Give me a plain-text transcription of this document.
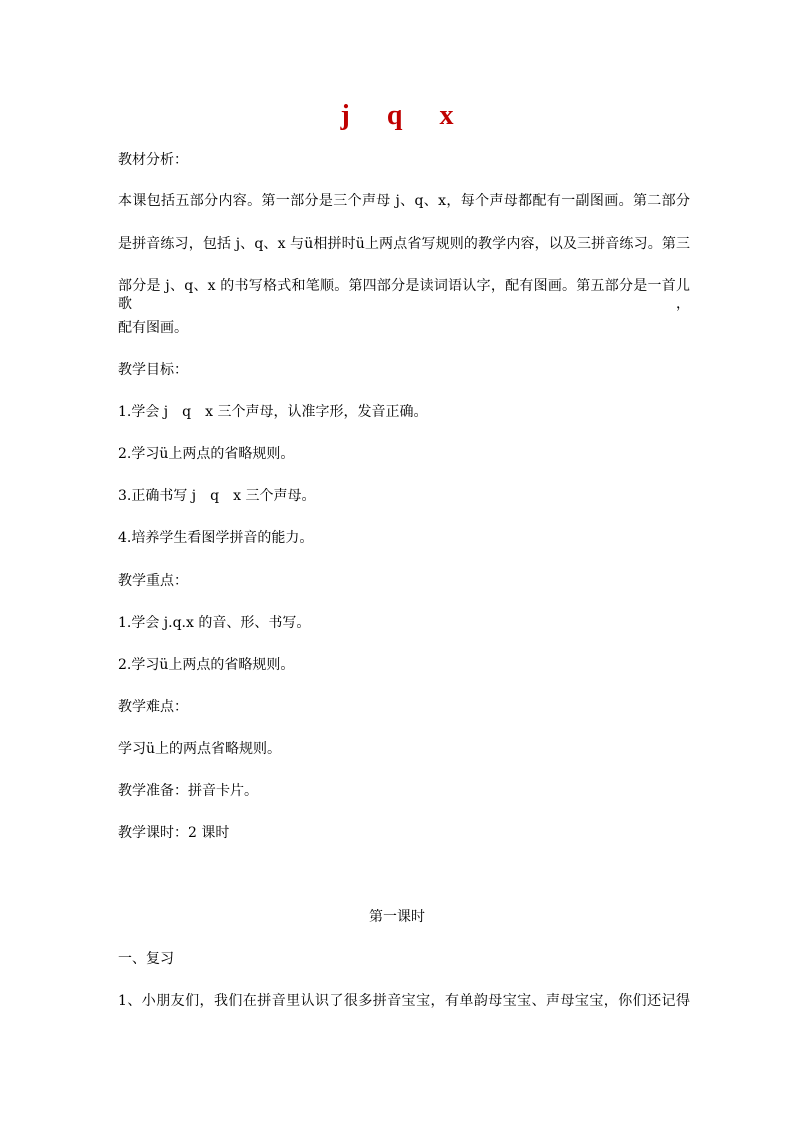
j q x
教材分析：
本课包括五部分内容。第一部分是三个声母 j、q、x，每个声母都配有一副图画。第二部分
是拼音练习，包括 j、q、x 与ü相拼时ü上两点省写规则的教学内容，以及三拼音练习。第三
部分是 j、q、x 的书写格式和笔顺。第四部分是读词语认字，配有图画。第五部分是一首儿歌，
配有图画。
教学目标：
1.学会 j　q　x 三个声母，认准字形，发音正确。
2.学习ü上两点的省略规则。
3.正确书写 j　q　x 三个声母。
4.培养学生看图学拼音的能力。
教学重点：
1.学会 j.q.x 的音、形、书写。
2.学习ü上两点的省略规则。
教学难点：
学习ü上的两点省略规则。
教学准备：拼音卡片。
教学课时：2 课时
第一课时
一、复习
1、小朋友们，我们在拼音里认识了很多拼音宝宝，有单韵母宝宝、声母宝宝，你们还记得
